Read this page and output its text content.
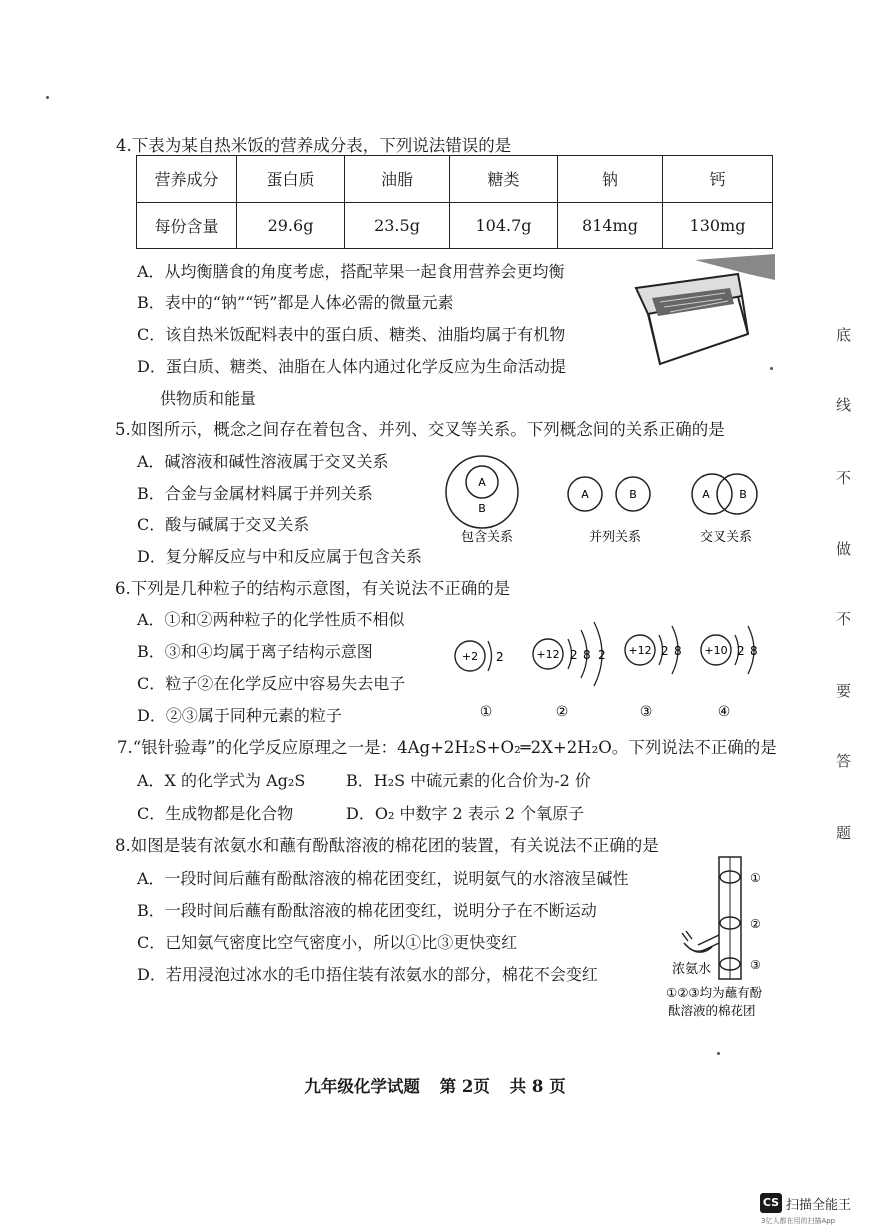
4.下表为某自热米饭的营养成分表，下列说法错误的是
营养成分	蛋白质	油脂	糖类	钠	钙
每份含量	29.6g	23.5g	104.7g	814mg	130mg
A．从均衡膳食的角度考虑，搭配苹果一起食用营养会更均衡
B．表中的“钠”“钙”都是人体必需的微量元素
C．该自热米饭配料表中的蛋白质、糖类、油脂均属于有机物
D．蛋白质、糖类、油脂在人体内通过化学反应为生命活动提
供物质和能量
5.如图所示，概念之间存在着包含、并列、交叉等关系。下列概念间的关系正确的是
A．碱溶液和碱性溶液属于交叉关系
B．合金与金属材料属于并列关系
C．酸与碱属于交叉关系
D．复分解反应与中和反应属于包含关系
A
B
包含关系
A	B
并列关系
A	B
交叉关系
6.下列是几种粒子的结构示意图，有关说法不正确的是
A．①和②两种粒子的化学性质不相似
B．③和④均属于离子结构示意图
C．粒子②在化学反应中容易失去电子
D．②③属于同种元素的粒子
+2 2
①
+12 2 8 2
②
+12 2 8
③
+10 2 8
④
7.“银针验毒”的化学反应原理之一是：4Ag+2H₂S+O₂═2X+2H₂O。下列说法不正确的是
A．X 的化学式为 Ag₂S	B．H₂S 中硫元素的化合价为-2 价
C．生成物都是化合物	D．O₂ 中数字 2 表示 2 个氧原子
8.如图是装有浓氨水和蘸有酚酞溶液的棉花团的装置，有关说法不正确的是
A．一段时间后蘸有酚酞溶液的棉花团变红，说明氨气的水溶液呈碱性
B．一段时间后蘸有酚酞溶液的棉花团变红，说明分子在不断运动
C．已知氨气密度比空气密度小，所以①比③更快变红
D．若用浸泡过冰水的毛巾捂住装有浓氨水的部分，棉花不会变红
①
②
③
浓氨水
①②③均为蘸有酚
酞溶液的棉花团
九年级化学试题 第 2页 共 8 页
底
线
不
做
不
要
答
题
CS 扫描全能王
3亿人都在用的扫描App
